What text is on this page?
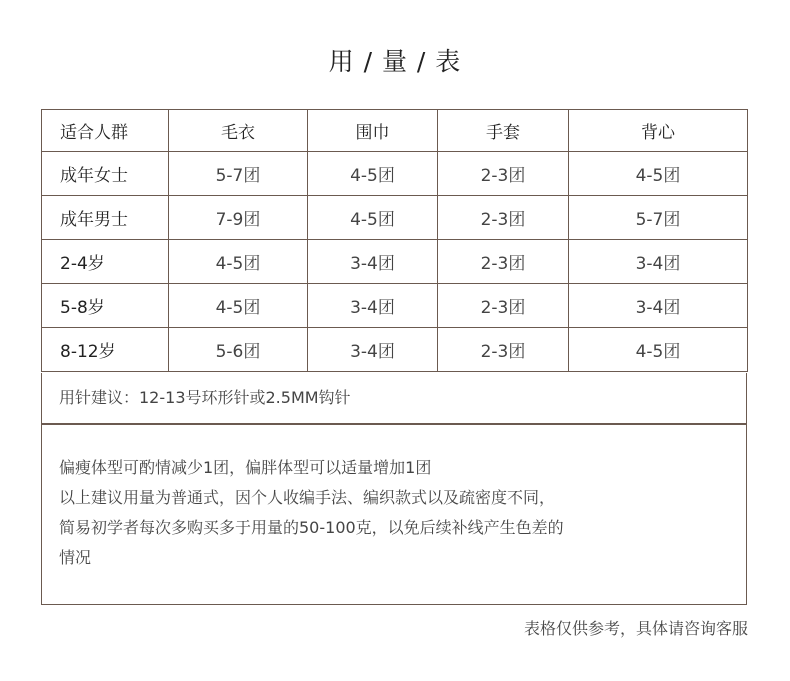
用 / 量 / 表
适合人群	毛衣	围巾	手套	背心
成年女士	5-7团	4-5团	2-3团	4-5团
成年男士	7-9团	4-5团	2-3团	5-7团
2-4岁	4-5团	3-4团	2-3团	3-4团
5-8岁	4-5团	3-4团	2-3团	3-4团
8-12岁	5-6团	3-4团	2-3团	4-5团
用针建议：12-13号环形针或2.5MM钩针
偏瘦体型可酌情减少1团，偏胖体型可以适量增加1团
以上建议用量为普通式，因个人收编手法、编织款式以及疏密度不同，
简易初学者每次多购买多于用量的50-100克，以免后续补线产生色差的
情况
表格仅供参考，具体请咨询客服
